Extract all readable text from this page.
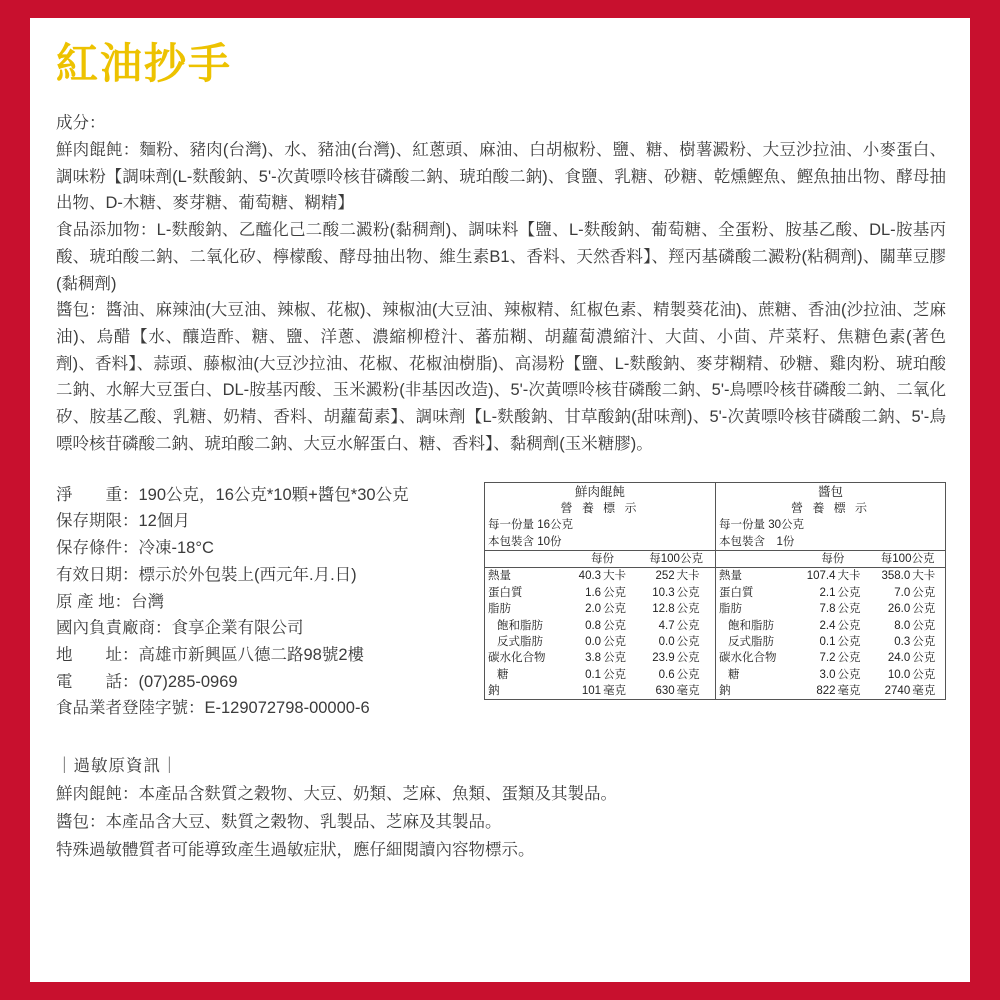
紅油抄手

成分：

鮮肉餛飩：麵粉、豬肉(台灣)、水、豬油(台灣)、紅蔥頭、麻油、白胡椒粉、鹽、糖、樹薯澱粉、大豆沙拉油、小麥蛋白、調味粉【調味劑(L-麩酸鈉、5'-次黃嘌呤核苷磷酸二鈉、琥珀酸二鈉)、食鹽、乳糖、砂糖、乾燻鰹魚、鰹魚抽出物、酵母抽出物、D-木糖、麥芽糖、葡萄糖、糊精】

食品添加物：L-麩酸鈉、乙醯化己二酸二澱粉(黏稠劑)、調味料【鹽、L-麩酸鈉、葡萄糖、全蛋粉、胺基乙酸、DL-胺基丙酸、琥珀酸二鈉、二氧化矽、檸檬酸、酵母抽出物、維生素B1、香料、天然香料】、羥丙基磷酸二澱粉(粘稠劑)、關華豆膠(黏稠劑)

醬包：醬油、麻辣油(大豆油、辣椒、花椒)、辣椒油(大豆油、辣椒精、紅椒色素、精製葵花油)、蔗糖、香油(沙拉油、芝麻油)、烏醋【水、釀造酢、糖、鹽、洋蔥、濃縮柳橙汁、蕃茄糊、胡蘿蔔濃縮汁、大茴、小茴、芹菜籽、焦糖色素(著色劑)、香料】、蒜頭、藤椒油(大豆沙拉油、花椒、花椒油樹脂)、高湯粉【鹽、L-麩酸鈉、麥芽糊精、砂糖、雞肉粉、琥珀酸二鈉、水解大豆蛋白、DL-胺基丙酸、玉米澱粉(非基因改造)、5'-次黃嘌呤核苷磷酸二鈉、5'-鳥嘌呤核苷磷酸二鈉、二氧化矽、胺基乙酸、乳糖、奶精、香料、胡蘿蔔素】、調味劑【L-麩酸鈉、甘草酸鈉(甜味劑)、5'-次黃嘌呤核苷磷酸二鈉、5'-鳥嘌呤核苷磷酸二鈉、琥珀酸二鈉、大豆水解蛋白、糖、香料】、黏稠劑(玉米糖膠)。

淨　　重：190公克，16公克*10顆+醬包*30公克
保存期限：12個月
保存條件：冷凍-18°C
有效日期：標示於外包裝上(西元年.月.日)
原 產 地：台灣
國內負責廠商：食享企業有限公司
地　　址：高雄市新興區八德二路98號2樓
電　　話：(07)285-0969
食品業者登陸字號：E-129072798-00000-6
鮮肉餛飩				
營 養 標 示				
每一份量 16公克				
本包裝含 10份				
	每份		每100公克	
熱量	40.3	大卡	252	大卡
蛋白質	1.6	公克	10.3	公克
脂肪	2.0	公克	12.8	公克
飽和脂肪	0.8	公克	4.7	公克
反式脂肪	0.0	公克	0.0	公克
碳水化合物	3.8	公克	23.9	公克
糖	0.1	公克	0.6	公克
鈉	101	毫克	630	毫克
醬包				
營 養 標 示				
每一份量 30公克				
本包裝含　1份				
	每份		每100公克	
熱量	107.4	大卡	358.0	大卡
蛋白質	2.1	公克	7.0	公克
脂肪	7.8	公克	26.0	公克
飽和脂肪	2.4	公克	8.0	公克
反式脂肪	0.1	公克	0.3	公克
碳水化合物	7.2	公克	24.0	公克
糖	3.0	公克	10.0	公克
鈉	822	毫克	2740	毫克
｜過敏原資訊｜
鮮肉餛飩：本產品含麩質之穀物、大豆、奶類、芝麻、魚類、蛋類及其製品。
醬包：本產品含大豆、麩質之穀物、乳製品、芝麻及其製品。
特殊過敏體質者可能導致產生過敏症狀，應仔細閱讀內容物標示。
